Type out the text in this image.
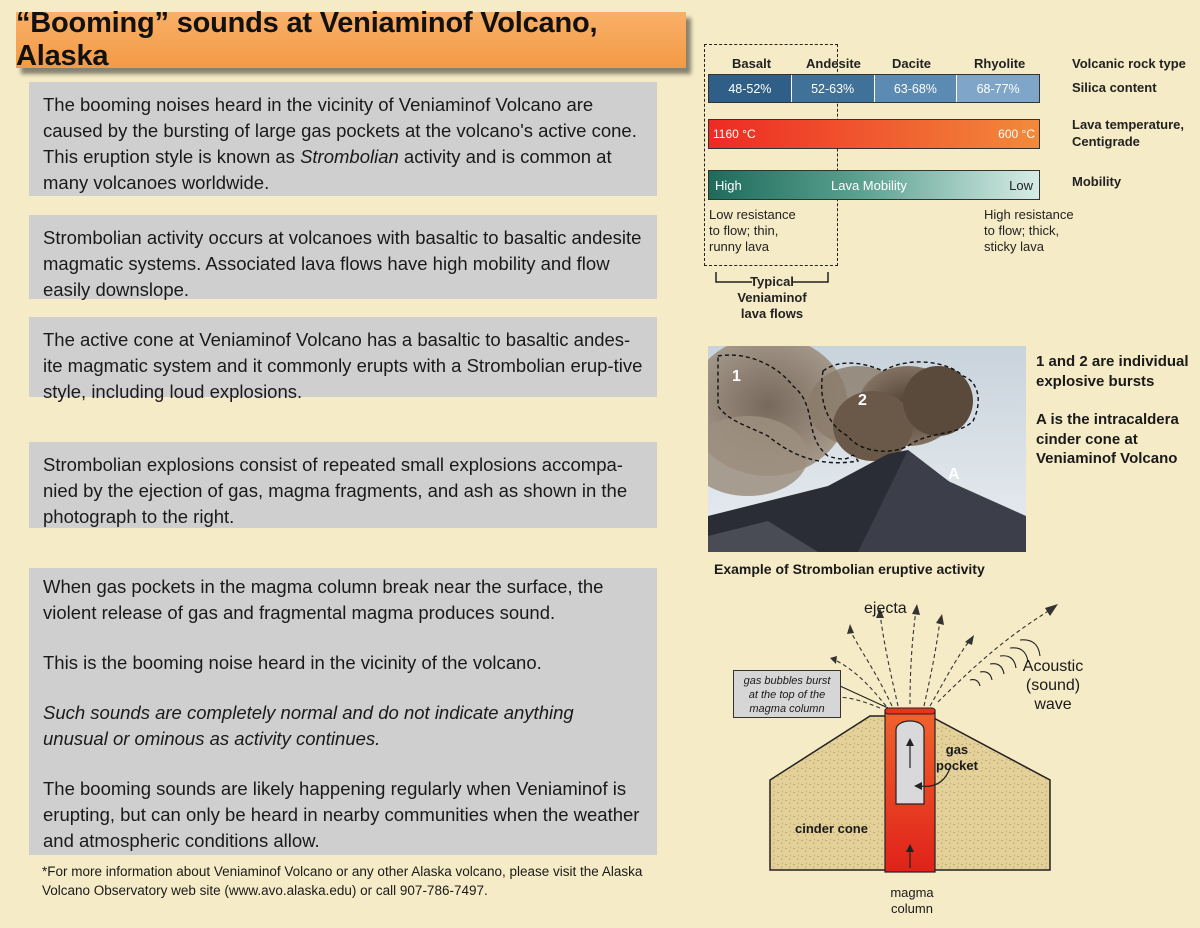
“Booming” sounds at Veniaminof Volcano, Alaska

The booming noises heard in the vicinity of Veniaminof Volcano are caused by the bursting of large gas pockets at the volcano's active cone. This eruption style is known as Strombolian activity and is common at many volcanoes worldwide.

Strombolian activity occurs at volcanoes with basaltic to basaltic andesite magmatic systems. Associated lava flows have high mobility and flow easily downslope.

The active cone at Veniaminof Volcano has a basaltic to basaltic andes-ite magmatic system and it commonly erupts with a Strombolian erup-tive style, including loud explosions.

Strombolian explosions consist of repeated small explosions accompa-nied by the ejection of gas, magma fragments, and ash as shown in the photograph to the right.

When gas pockets in the magma column break near the surface, the violent release of gas and fragmental magma produces sound.

This is the booming noise heard in the vicinity of the volcano.

Such sounds are completely normal and do not indicate anything unusual or ominous as activity continues.

The booming sounds are likely happening regularly when Veniaminof is erupting, but can only be heard in nearby communities when the weather and atmospheric conditions allow.

*For more information about Veniaminof Volcano or any other Alaska volcano, please visit the Alaska Volcano Observatory web site (www.avo.alaska.edu) or call 907-786-7497.
Basalt	Andesite Dacite	Rhyolite
48-52%	52-63%	63-68%	68-77%
1160 °C	600 °C
High	Lava Mobility	Low
Volcanic rock type
Silica content
Lava temperature,
Centigrade
Mobility
Low resistance
to flow; thin,
runny lava
High resistance
to flow; thick,
sticky lava
Typical
Veniaminof
lava flows
1
2
A
Example of Strombolian eruptive activity
1 and 2 are individual explosive bursts
A is the intracaldera cinder cone at Veniaminof Volcano
ejecta
Acoustic
(sound)
wave
gas bubbles burst
at the top of the
magma column
gas
pocket
cinder cone
magma
column
